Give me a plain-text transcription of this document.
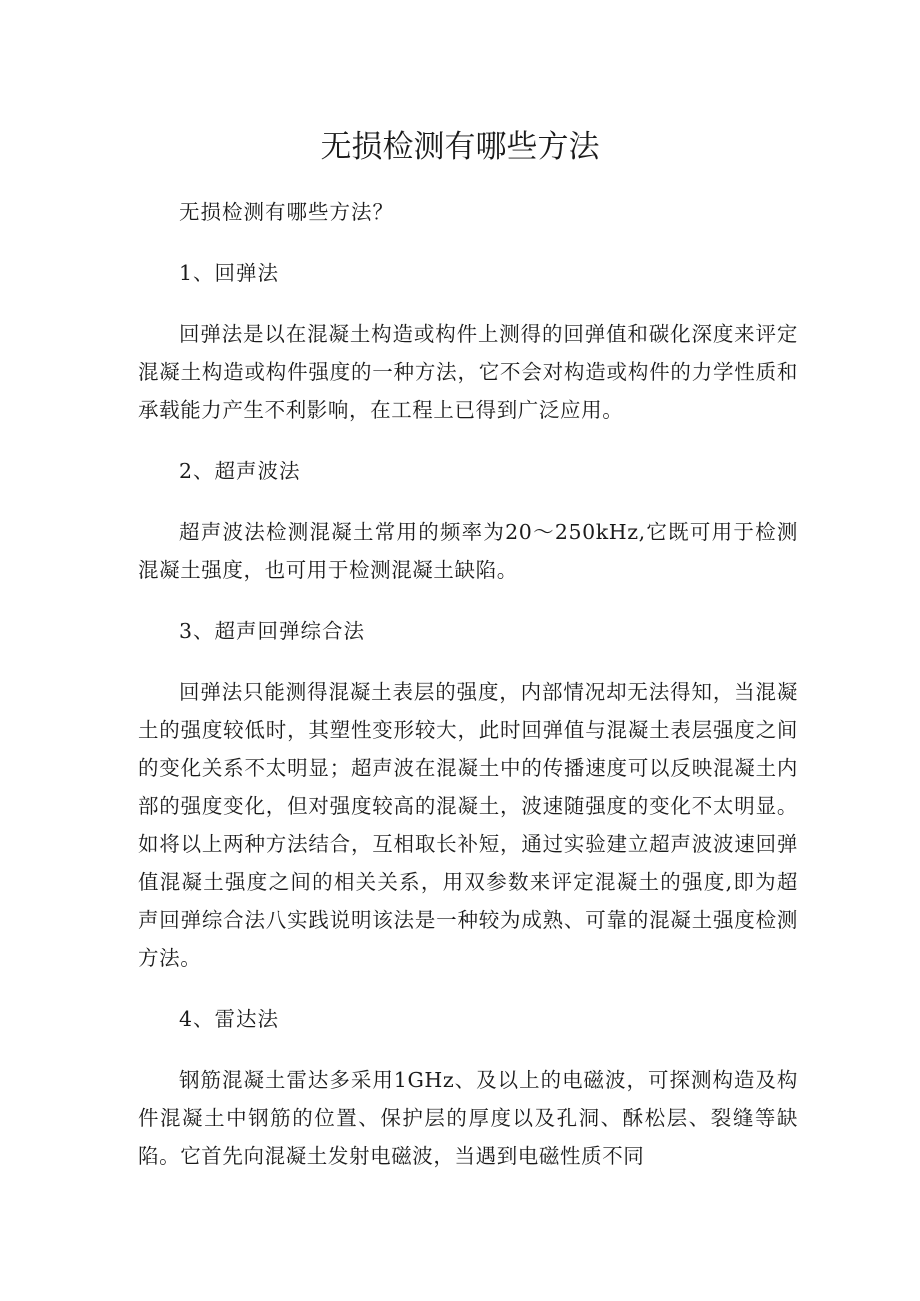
无损检测有哪些方法

无损检测有哪些方法？

1、回弹法

回弹法是以在混凝土构造或构件上测得的回弹值和碳化深度来评定混凝土构造或构件强度的一种方法，它不会对构造或构件的力学性质和承载能力产生不利影响，在工程上已得到广泛应用。

2、超声波法

超声波法检测混凝土常用的频率为20～250kHz,它既可用于检测混凝土强度，也可用于检测混凝土缺陷。

3、超声回弹综合法

回弹法只能测得混凝土表层的强度，内部情况却无法得知，当混凝土的强度较低时，其塑性变形较大，此时回弹值与混凝土表层强度之间的变化关系不太明显；超声波在混凝土中的传播速度可以反映混凝土内部的强度变化，但对强度较高的混凝土，波速随强度的变化不太明显。如将以上两种方法结合，互相取长补短，通过实验建立超声波波速回弹值混凝土强度之间的相关关系，用双参数来评定混凝土的强度,即为超声回弹综合法八实践说明该法是一种较为成熟、可靠的混凝土强度检测方法。

4、雷达法

钢筋混凝土雷达多采用1GHz、及以上的电磁波，可探测构造及构件混凝土中钢筋的位置、保护层的厚度以及孔洞、酥松层、裂缝等缺陷。它首先向混凝土发射电磁波，当遇到电磁性质不同
